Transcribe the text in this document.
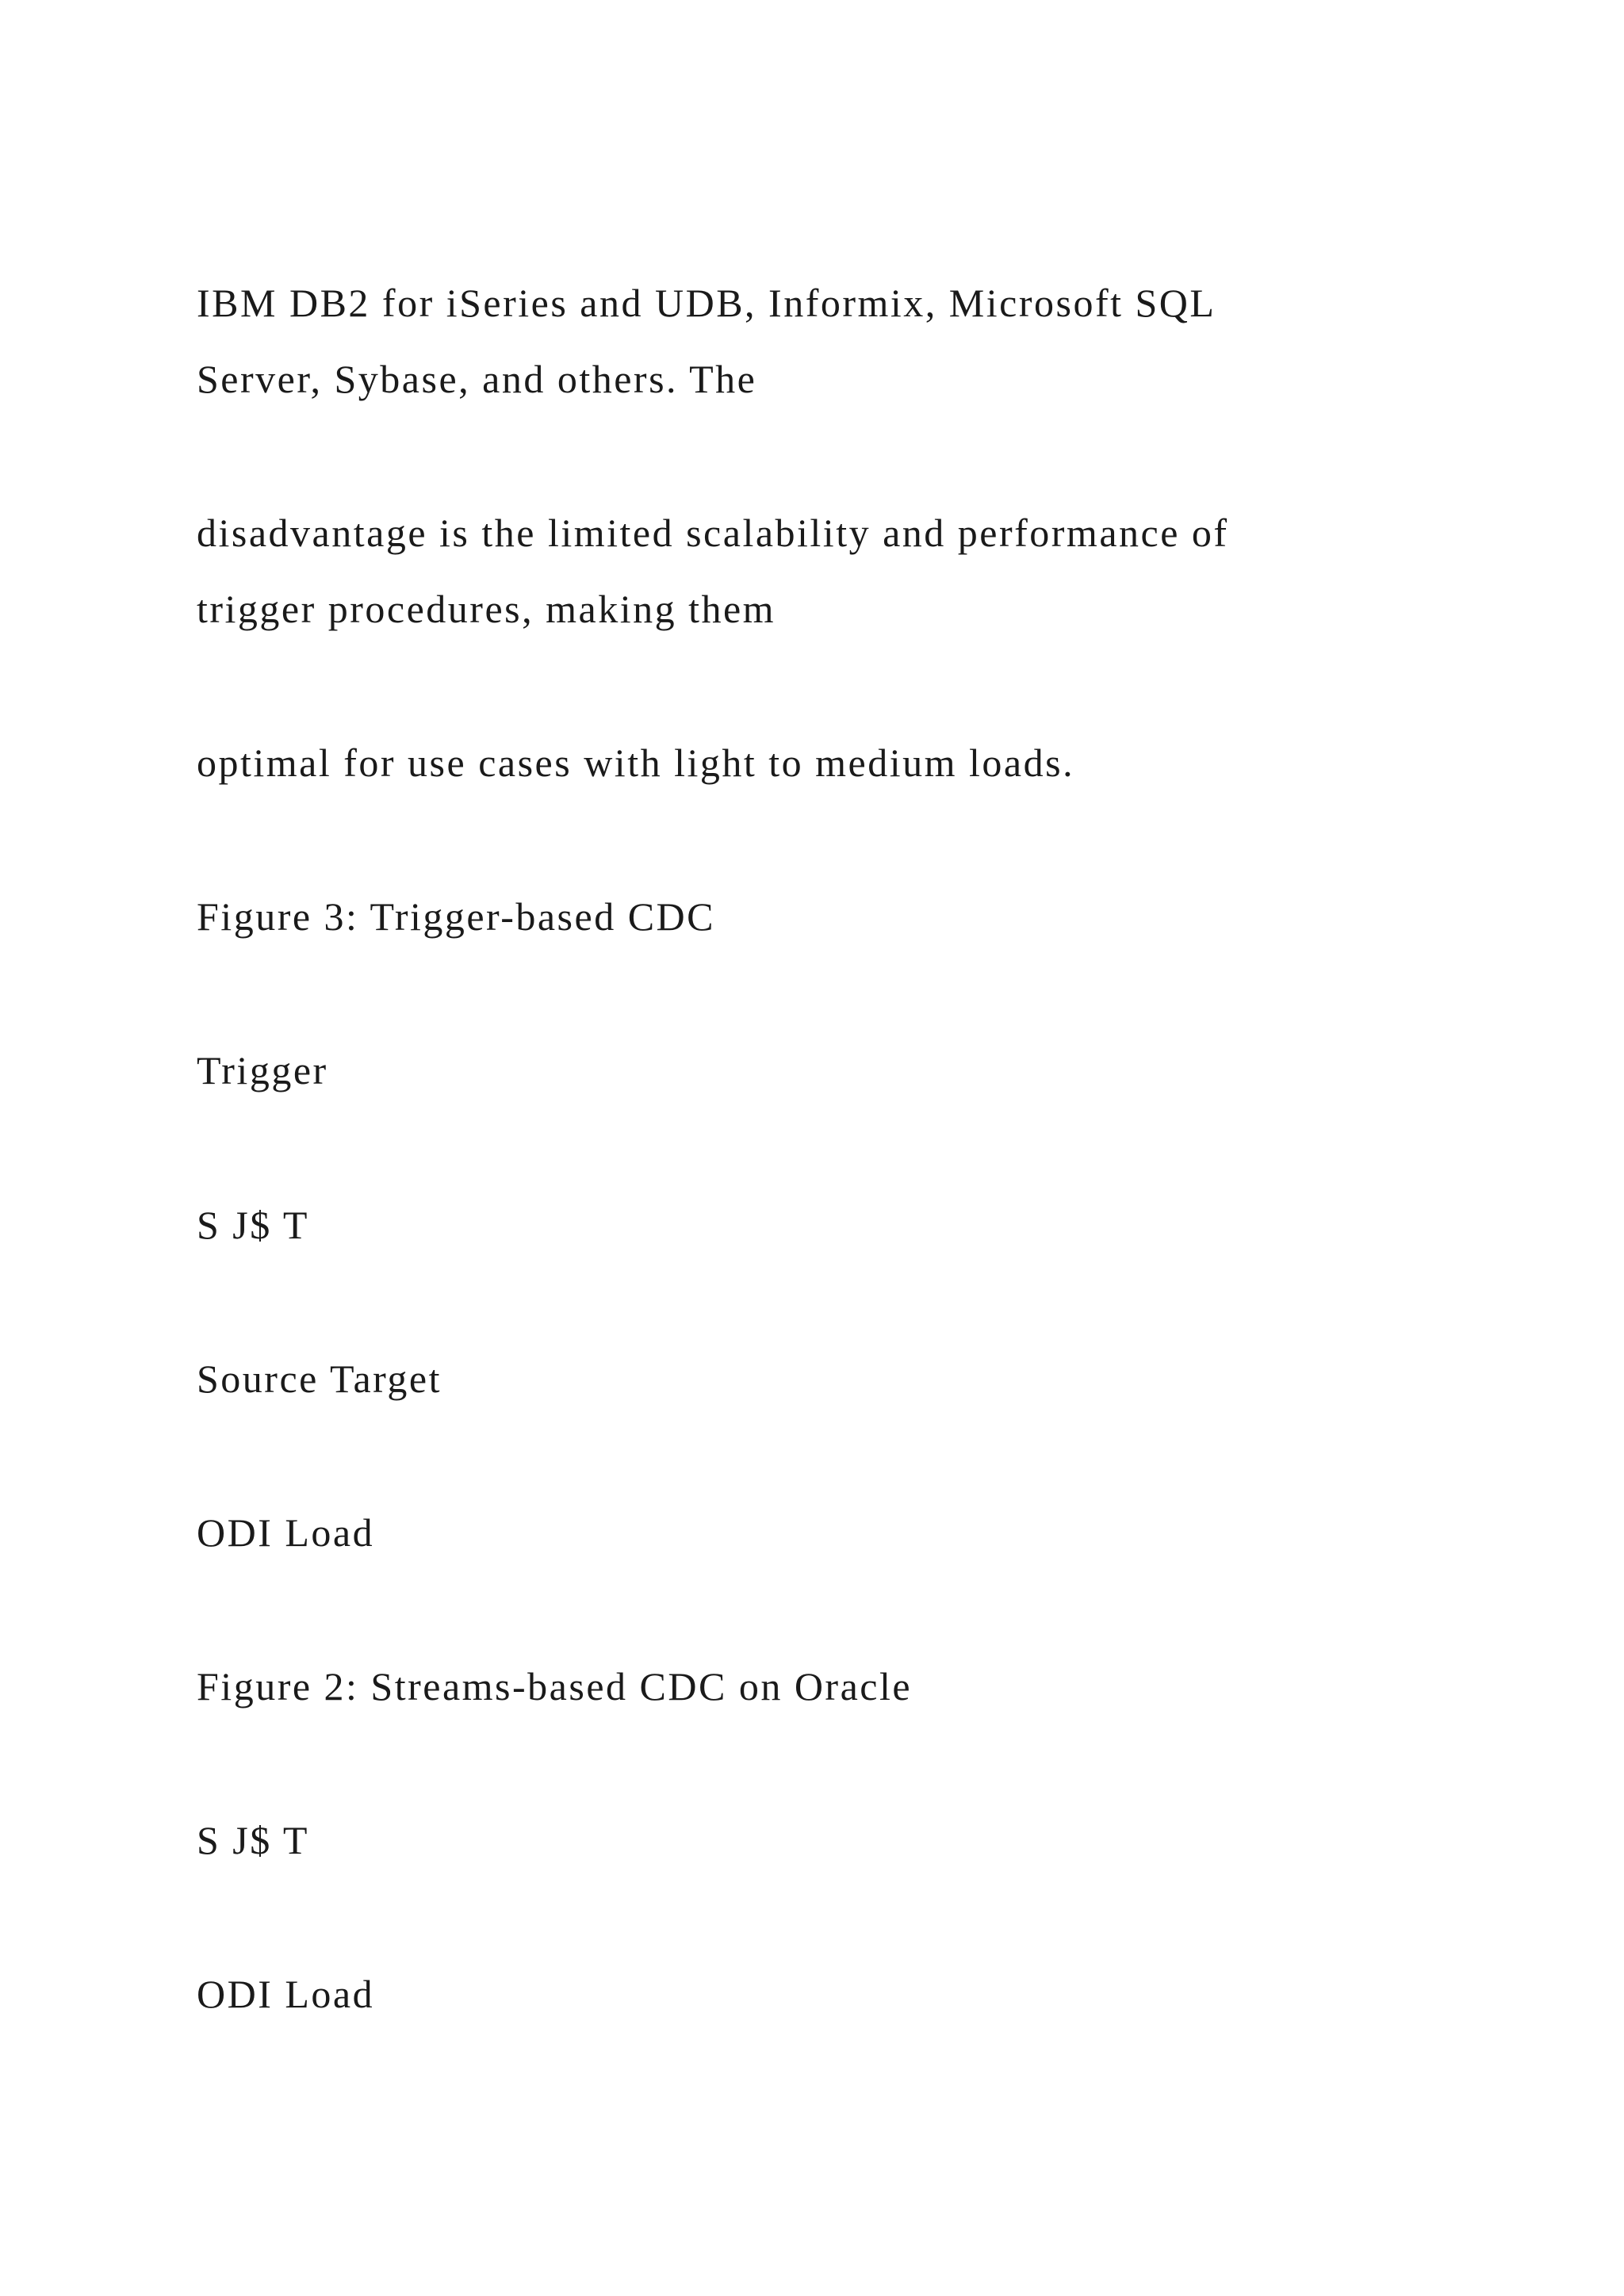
IBM DB2 for iSeries and UDB, Informix, Microsoft SQL
Server, Sybase, and others. The
disadvantage is the limited scalability and performance of
trigger procedures, making them
optimal for use cases with light to medium loads.
Figure 3: Trigger-based CDC
Trigger
S J$ T
Source Target
ODI Load
Figure 2: Streams-based CDC on Oracle
S J$ T
ODI Load
